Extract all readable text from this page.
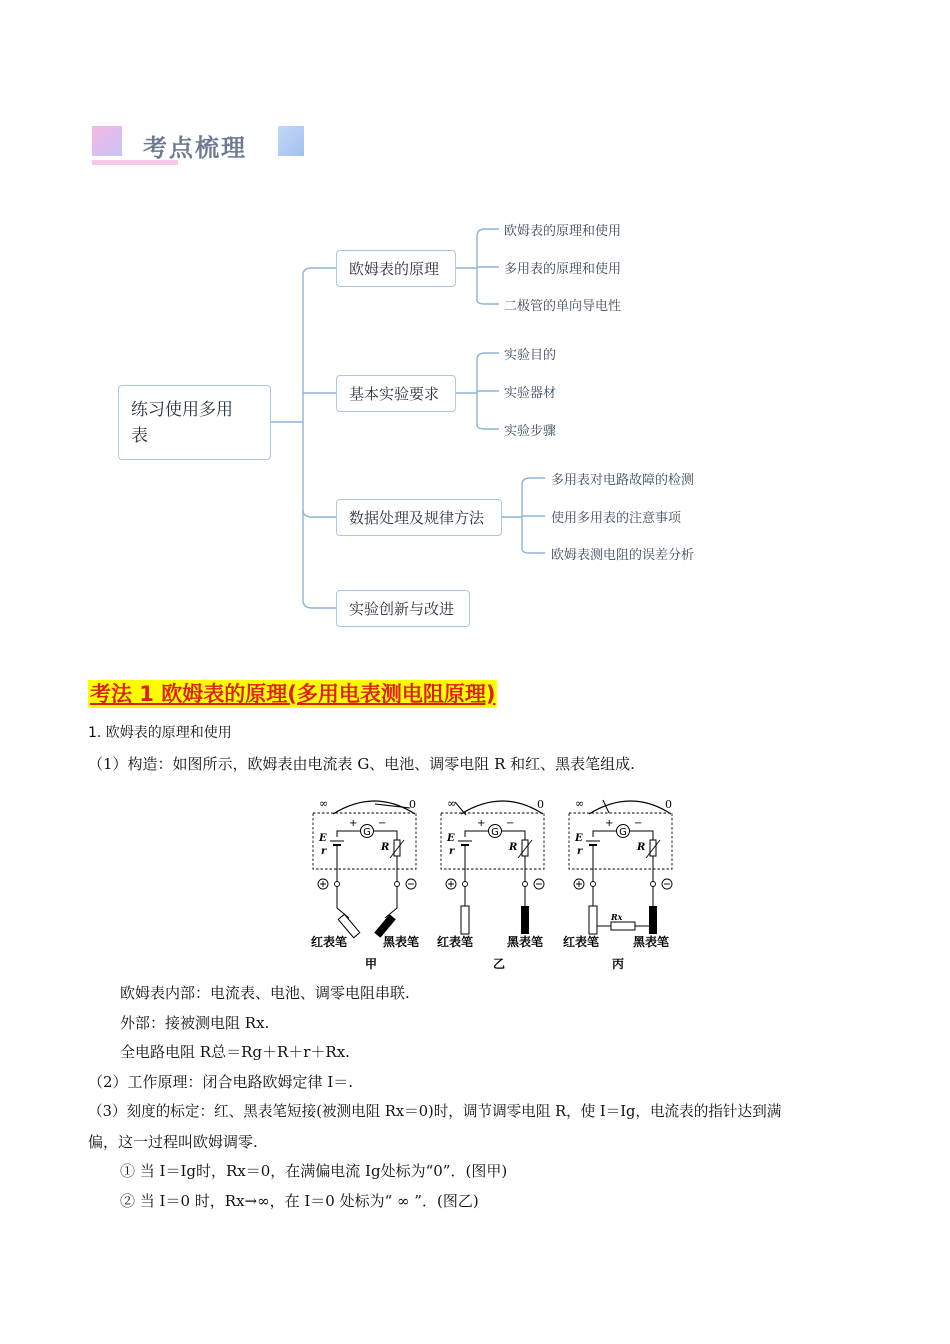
考点梳理
练习使用多用表
欧姆表的原理
基本实验要求
数据处理及规律方法
实验创新与改进
欧姆表的原理和使用
多用表的原理和使用
二极管的单向导电性
实验目的
实验器材
实验步骤
多用表对电路故障的检测
使用多用表的注意事项
欧姆表测电阻的误差分析
考法 1 欧姆表的原理(多用电表测电阻原理)
1. 欧姆表的原理和使用
（1）构造：如图所示，欧姆表由电流表 G、电池、调零电阻 R 和红、黑表笔组成.
∞	0	∞	0	∞	0
E
r	R
E
r	R
E
r	R
Rx
+ −	+ −	+ −
红表笔	黑表笔 红表笔	黑表笔 红表笔	黑表笔
甲	乙	丙
欧姆表内部：电流表、电池、调零电阻串联.
外部：接被测电阻 Rx.
全电路电阻 R总＝Rg＋R＋r＋Rx.
（2）工作原理：闭合电路欧姆定律 I＝.
（3）刻度的标定：红、黑表笔短接(被测电阻 Rx＝0)时，调节调零电阻 R，使 I＝Ig，电流表的指针达到满
偏，这一过程叫欧姆调零.
① 当 I＝Ig时，Rx＝0，在满偏电流 Ig处标为“0”．(图甲)
② 当 I＝0 时，Rx→∞，在 I＝0 处标为“ ∞ ”．(图乙)
